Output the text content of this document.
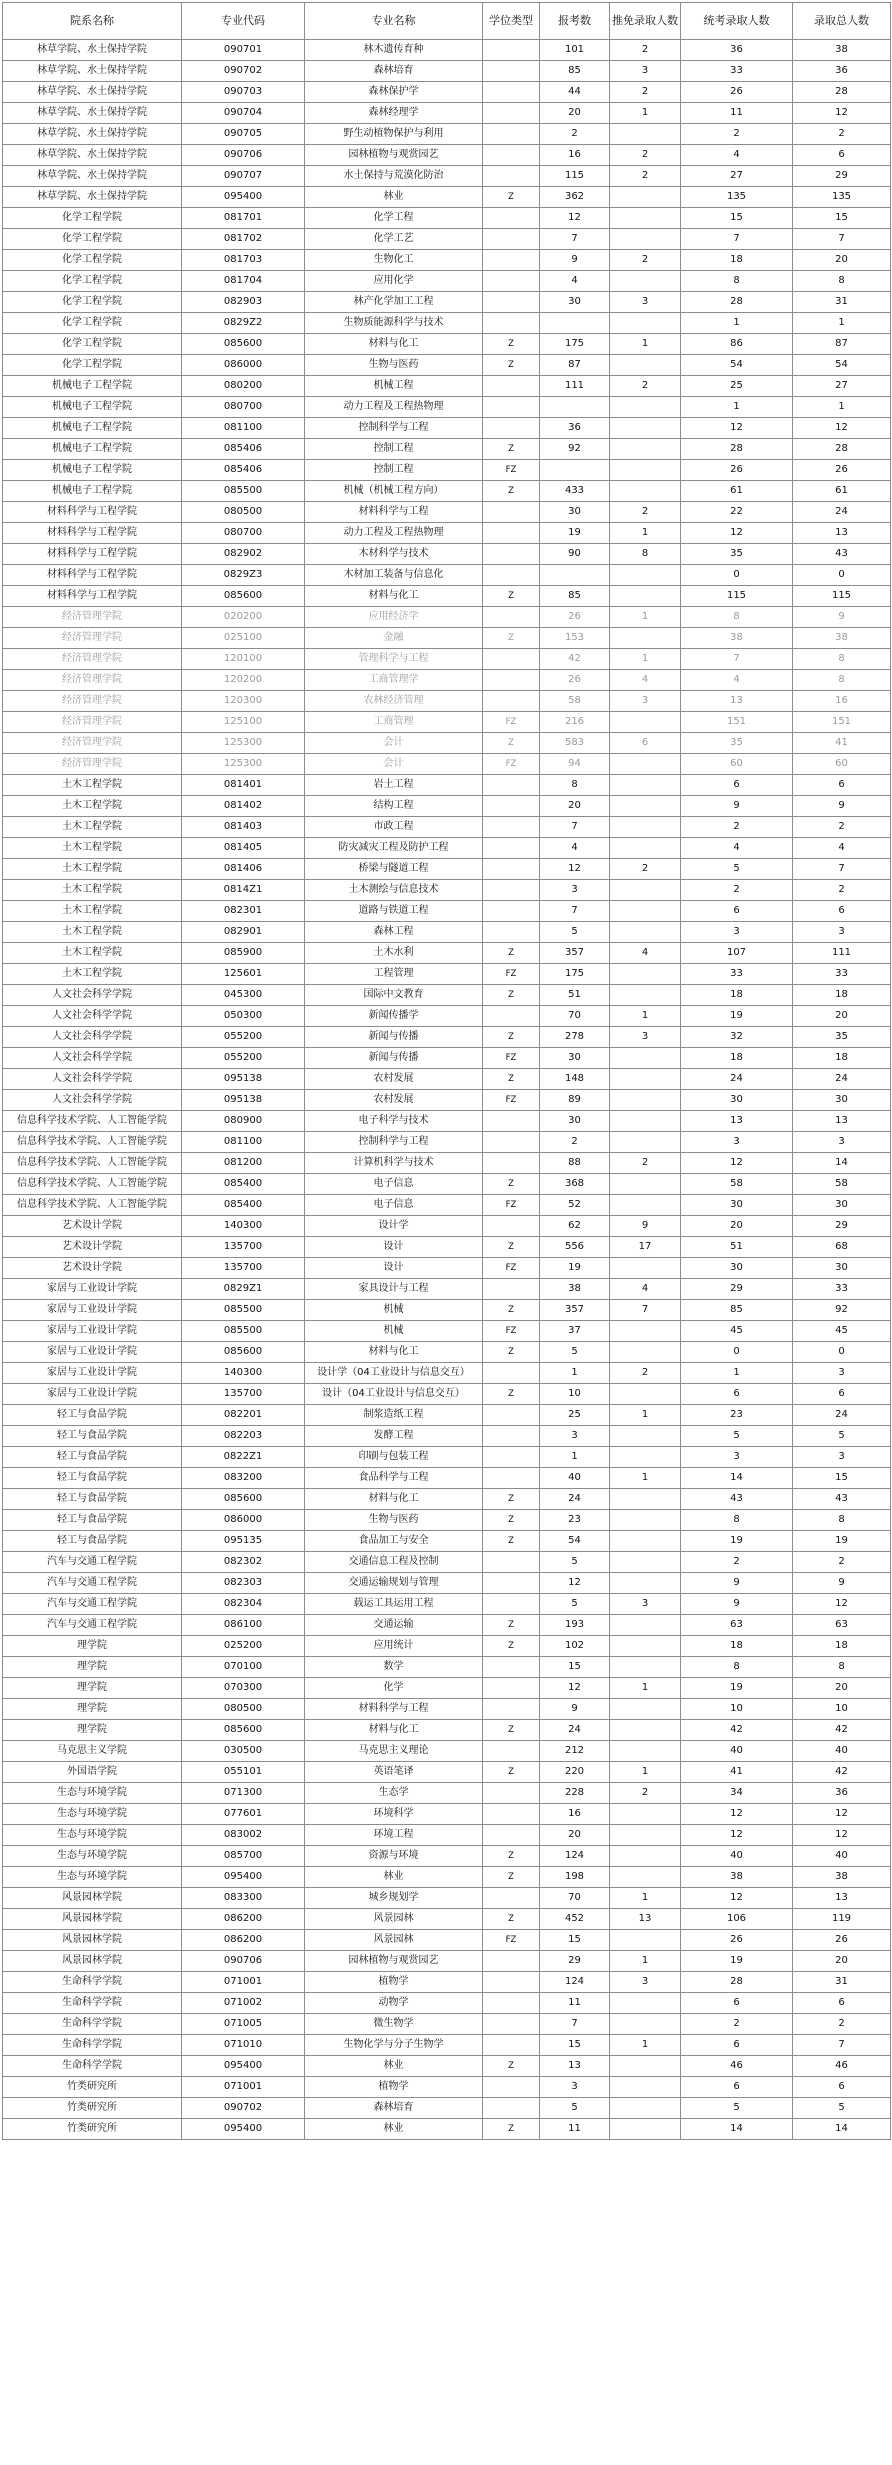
院系名称	专业代码	专业名称	学位类型	报考数	推免录取人数	统考录取人数	录取总人数
林草学院、水土保持学院	090701	林木遗传育种		101	2	36	38
林草学院、水土保持学院	090702	森林培育		85	3	33	36
林草学院、水土保持学院	090703	森林保护学		44	2	26	28
林草学院、水土保持学院	090704	森林经理学		20	1	11	12
林草学院、水土保持学院	090705	野生动植物保护与利用		2		2	2
林草学院、水土保持学院	090706	园林植物与观赏园艺		16	2	4	6
林草学院、水土保持学院	090707	水土保持与荒漠化防治		115	2	27	29
林草学院、水土保持学院	095400	林业	Z	362		135	135
化学工程学院	081701	化学工程		12		15	15
化学工程学院	081702	化学工艺		7		7	7
化学工程学院	081703	生物化工		9	2	18	20
化学工程学院	081704	应用化学		4		8	8
化学工程学院	082903	林产化学加工工程		30	3	28	31
化学工程学院	0829Z2	生物质能源科学与技术				1	1
化学工程学院	085600	材料与化工	Z	175	1	86	87
化学工程学院	086000	生物与医药	Z	87		54	54
机械电子工程学院	080200	机械工程		111	2	25	27
机械电子工程学院	080700	动力工程及工程热物理				1	1
机械电子工程学院	081100	控制科学与工程		36		12	12
机械电子工程学院	085406	控制工程	Z	92		28	28
机械电子工程学院	085406	控制工程	FZ			26	26
机械电子工程学院	085500	机械（机械工程方向）	Z	433		61	61
材料科学与工程学院	080500	材料科学与工程		30	2	22	24
材料科学与工程学院	080700	动力工程及工程热物理		19	1	12	13
材料科学与工程学院	082902	木材科学与技术		90	8	35	43
材料科学与工程学院	0829Z3	木材加工装备与信息化				0	0
材料科学与工程学院	085600	材料与化工	Z	85		115	115
经济管理学院	020200	应用经济学		26	1	8	9
经济管理学院	025100	金融	Z	153		38	38
经济管理学院	120100	管理科学与工程		42	1	7	8
经济管理学院	120200	工商管理学		26	4	4	8
经济管理学院	120300	农林经济管理		58	3	13	16
经济管理学院	125100	工商管理	FZ	216		151	151
经济管理学院	125300	会计	Z	583	6	35	41
经济管理学院	125300	会计	FZ	94		60	60
土木工程学院	081401	岩土工程		8		6	6
土木工程学院	081402	结构工程		20		9	9
土木工程学院	081403	市政工程		7		2	2
土木工程学院	081405	防灾减灾工程及防护工程		4		4	4
土木工程学院	081406	桥梁与隧道工程		12	2	5	7
土木工程学院	0814Z1	土木测绘与信息技术		3		2	2
土木工程学院	082301	道路与铁道工程		7		6	6
土木工程学院	082901	森林工程		5		3	3
土木工程学院	085900	土木水利	Z	357	4	107	111
土木工程学院	125601	工程管理	FZ	175		33	33
人文社会科学学院	045300	国际中文教育	Z	51		18	18
人文社会科学学院	050300	新闻传播学		70	1	19	20
人文社会科学学院	055200	新闻与传播	Z	278	3	32	35
人文社会科学学院	055200	新闻与传播	FZ	30		18	18
人文社会科学学院	095138	农村发展	Z	148		24	24
人文社会科学学院	095138	农村发展	FZ	89		30	30
信息科学技术学院、人工智能学院	080900	电子科学与技术		30		13	13
信息科学技术学院、人工智能学院	081100	控制科学与工程		2		3	3
信息科学技术学院、人工智能学院	081200	计算机科学与技术		88	2	12	14
信息科学技术学院、人工智能学院	085400	电子信息	Z	368		58	58
信息科学技术学院、人工智能学院	085400	电子信息	FZ	52		30	30
艺术设计学院	140300	设计学		62	9	20	29
艺术设计学院	135700	设计	Z	556	17	51	68
艺术设计学院	135700	设计	FZ	19		30	30
家居与工业设计学院	0829Z1	家具设计与工程		38	4	29	33
家居与工业设计学院	085500	机械	Z	357	7	85	92
家居与工业设计学院	085500	机械	FZ	37		45	45
家居与工业设计学院	085600	材料与化工	Z	5		0	0
家居与工业设计学院	140300	设计学（04工业设计与信息交互）		1	2	1	3
家居与工业设计学院	135700	设计（04工业设计与信息交互）	Z	10		6	6
轻工与食品学院	082201	制浆造纸工程		25	1	23	24
轻工与食品学院	082203	发酵工程		3		5	5
轻工与食品学院	0822Z1	印刷与包装工程		1		3	3
轻工与食品学院	083200	食品科学与工程		40	1	14	15
轻工与食品学院	085600	材料与化工	Z	24		43	43
轻工与食品学院	086000	生物与医药	Z	23		8	8
轻工与食品学院	095135	食品加工与安全	Z	54		19	19
汽车与交通工程学院	082302	交通信息工程及控制		5		2	2
汽车与交通工程学院	082303	交通运输规划与管理		12		9	9
汽车与交通工程学院	082304	载运工具运用工程		5	3	9	12
汽车与交通工程学院	086100	交通运输	Z	193		63	63
理学院	025200	应用统计	Z	102		18	18
理学院	070100	数学		15		8	8
理学院	070300	化学		12	1	19	20
理学院	080500	材料科学与工程		9		10	10
理学院	085600	材料与化工	Z	24		42	42
马克思主义学院	030500	马克思主义理论		212		40	40
外国语学院	055101	英语笔译	Z	220	1	41	42
生态与环境学院	071300	生态学		228	2	34	36
生态与环境学院	077601	环境科学		16		12	12
生态与环境学院	083002	环境工程		20		12	12
生态与环境学院	085700	资源与环境	Z	124		40	40
生态与环境学院	095400	林业	Z	198		38	38
风景园林学院	083300	城乡规划学		70	1	12	13
风景园林学院	086200	风景园林	Z	452	13	106	119
风景园林学院	086200	风景园林	FZ	15		26	26
风景园林学院	090706	园林植物与观赏园艺		29	1	19	20
生命科学学院	071001	植物学		124	3	28	31
生命科学学院	071002	动物学		11		6	6
生命科学学院	071005	微生物学		7		2	2
生命科学学院	071010	生物化学与分子生物学		15	1	6	7
生命科学学院	095400	林业	Z	13		46	46
竹类研究所	071001	植物学		3		6	6
竹类研究所	090702	森林培育		5		5	5
竹类研究所	095400	林业	Z	11		14	14
